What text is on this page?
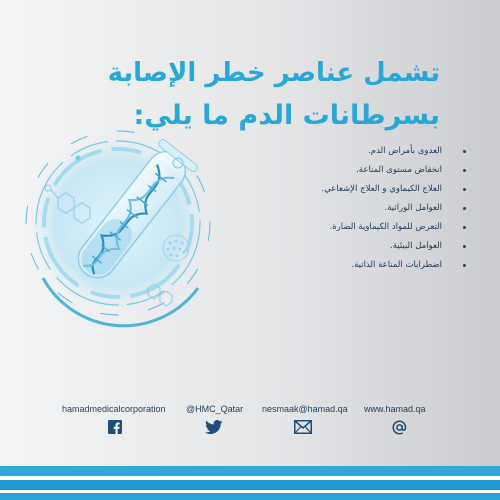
تشمل عناصر خطر الإصابة
بسرطانات الدم ما يلي:
العدوى بأمراض الدم.
انخفاض مستوى المناعة.
العلاج الكيماوي و العلاج الإشعاعي.
العوامل الوراثية.
التعرض للمواد الكيماوية الضارة.
العوامل البيئية.
اضطرابات المناعة الذاتية.
hamadmedicalcorporation @HMC_Qatar nesmaak@hamad.qa www.hamad.qa
